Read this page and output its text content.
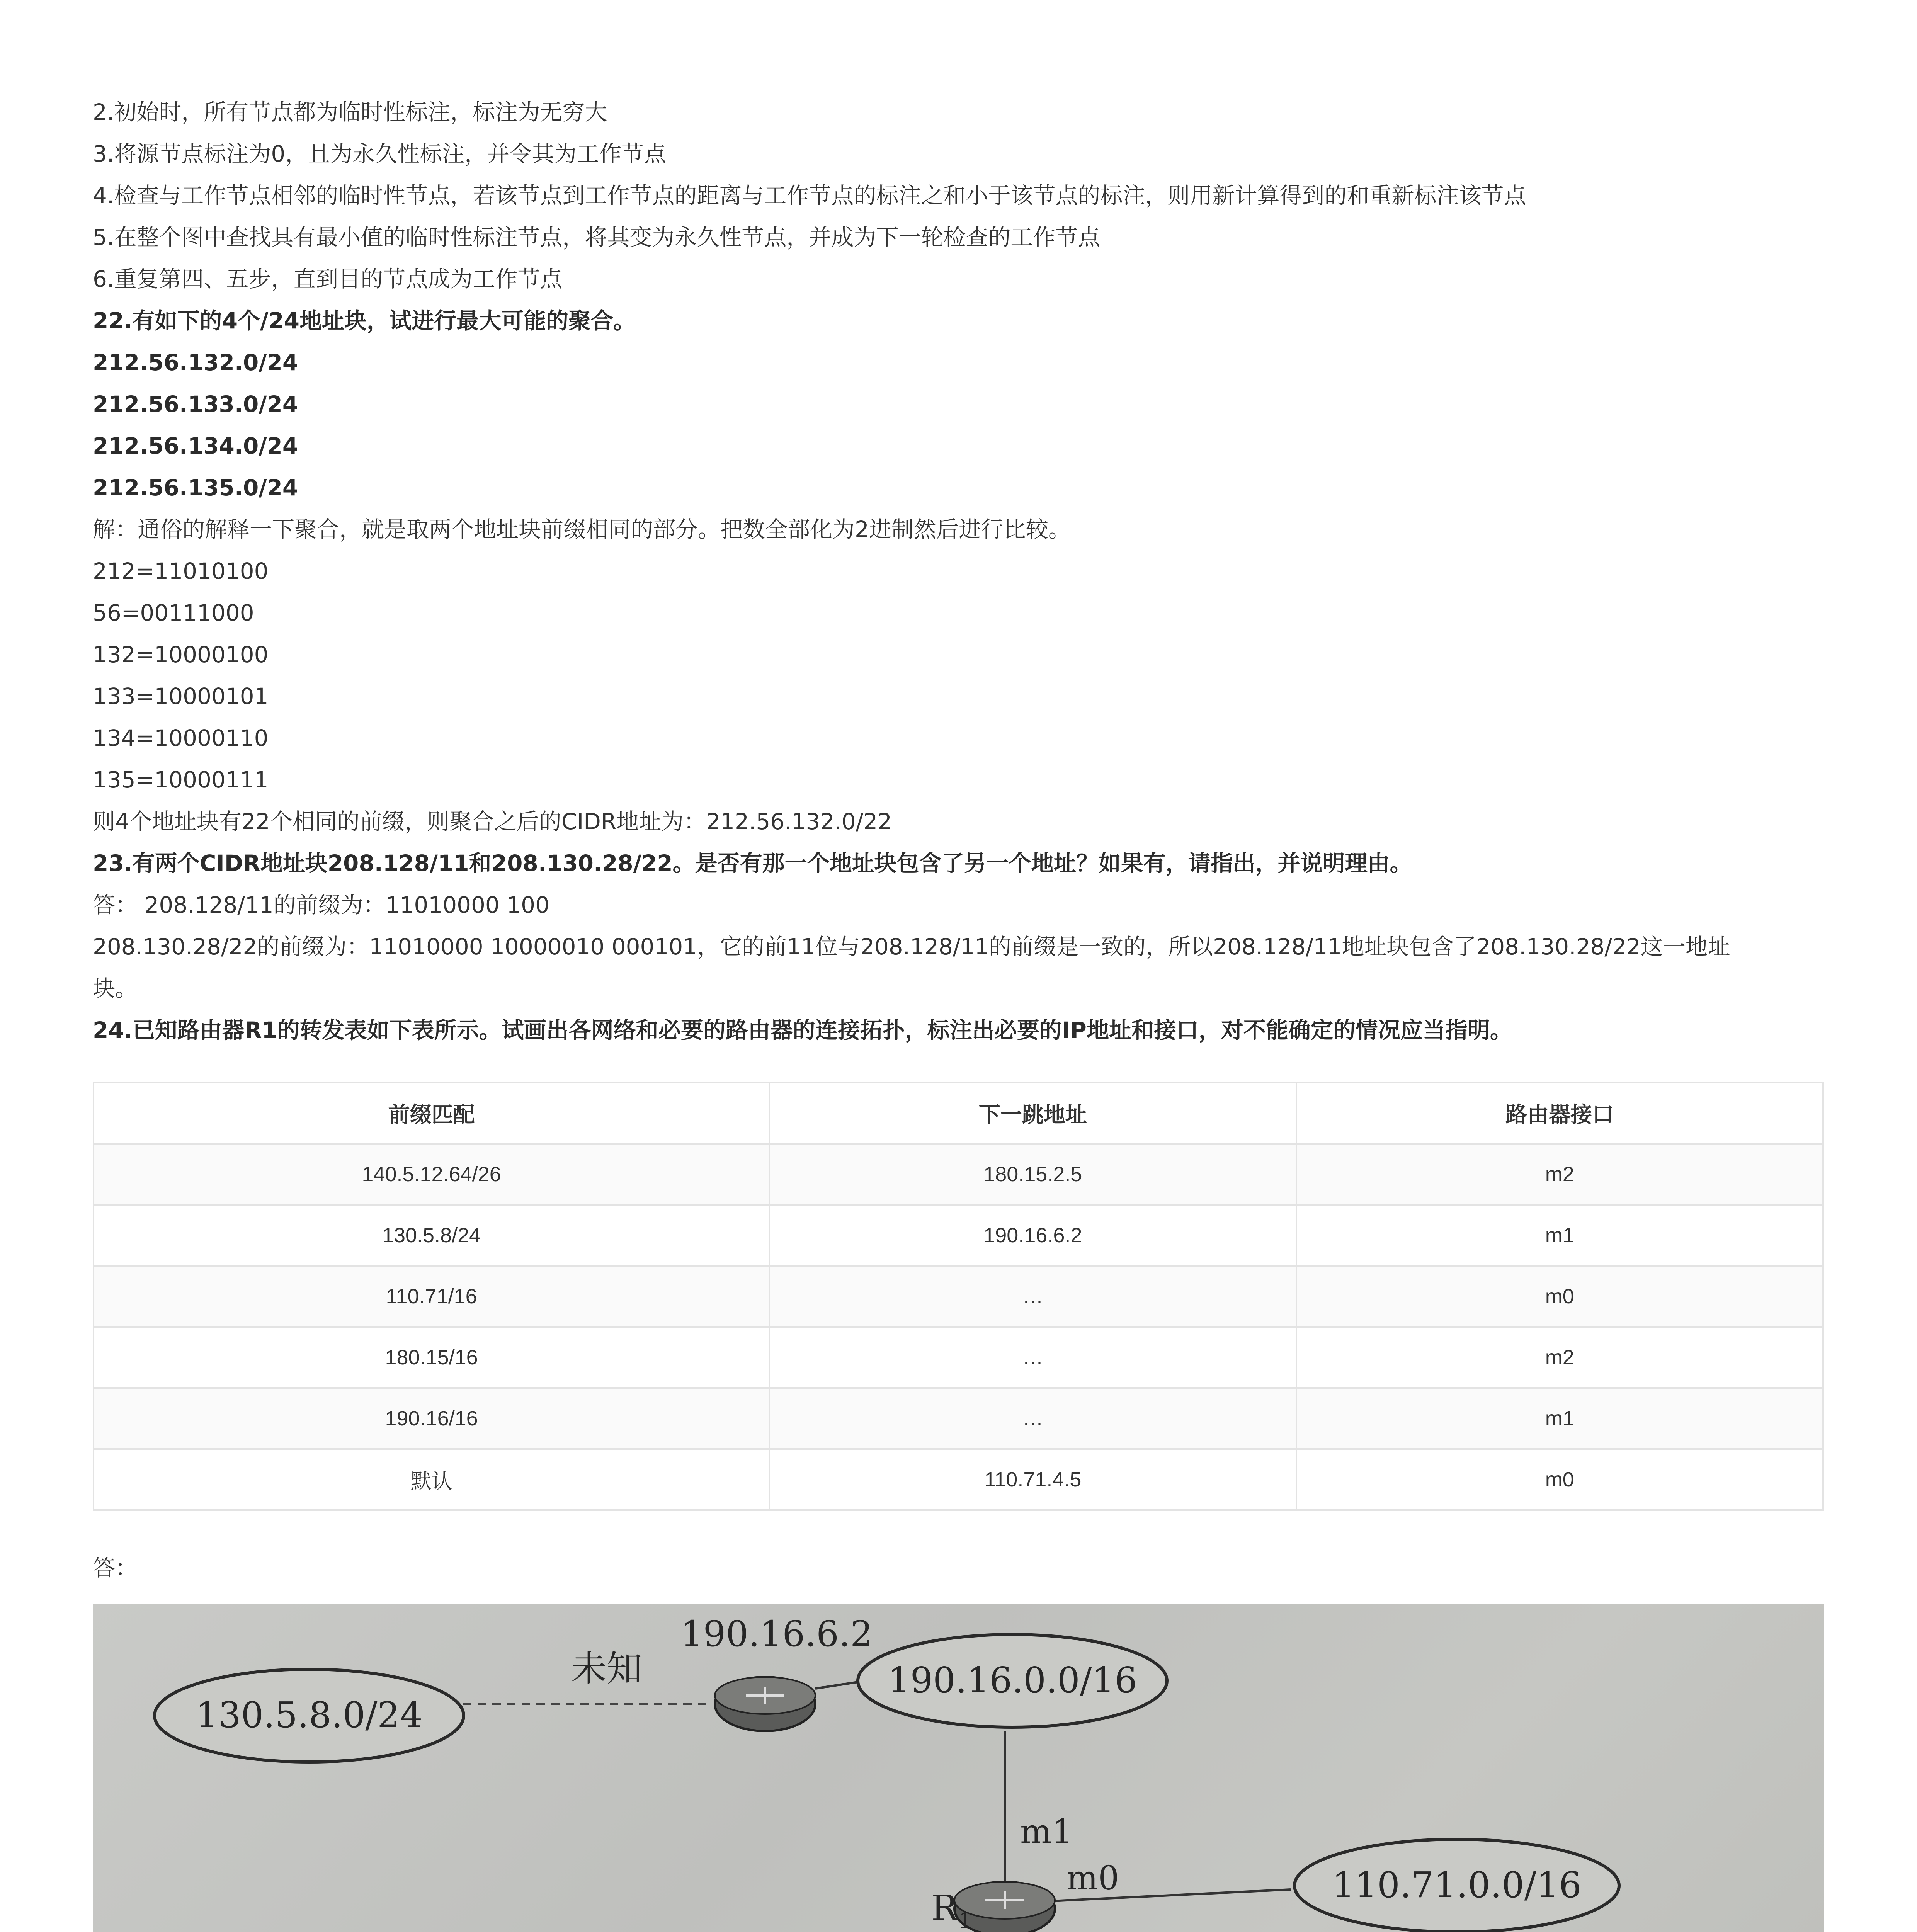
2.初始时，所有节点都为临时性标注，标注为无穷大
3.将源节点标注为0，且为永久性标注，并令其为工作节点
4.检查与工作节点相邻的临时性节点，若该节点到工作节点的距离与工作节点的标注之和小于该节点的标注，则用新计算得到的和重新标注该节点
5.在整个图中查找具有最小值的临时性标注节点，将其变为永久性节点，并成为下一轮检查的工作节点
6.重复第四、五步，直到目的节点成为工作节点
22.有如下的4个/24地址块，试进行最大可能的聚合。
212.56.132.0/24
212.56.133.0/24
212.56.134.0/24
212.56.135.0/24
解：通俗的解释一下聚合，就是取两个地址块前缀相同的部分。把数全部化为2进制然后进行比较。
212=11010100
56=00111000
132=10000100
133=10000101
134=10000110
135=10000111
则4个地址块有22个相同的前缀，则聚合之后的CIDR地址为：212.56.132.0/22
23.有两个CIDR地址块208.128/11和208.130.28/22。是否有那一个地址块包含了另一个地址？如果有，请指出，并说明理由。
答： 208.128/11的前缀为：11010000 100
208.130.28/22的前缀为：11010000 10000010 000101，它的前11位与208.128/11的前缀是一致的，所以208.128/11地址块包含了208.130.28/22这一地址
块。
24.已知路由器R1的转发表如下表所示。试画出各网络和必要的路由器的连接拓扑，标注出必要的IP地址和接口，对不能确定的情况应当指明。
前缀匹配	下一跳地址	路由器接口
140.5.12.64/26	180.15.2.5	m2
130.5.8/24	190.16.6.2	m1
110.71/16	…	m0
180.15/16	…	m2
190.16/16	…	m1
默认	110.71.4.5	m0
答：
130.5.8.0/24
190.16.0.0/16
110.71.0.0/16
未知
190.16.6.2
$R_1$
m1
m0
